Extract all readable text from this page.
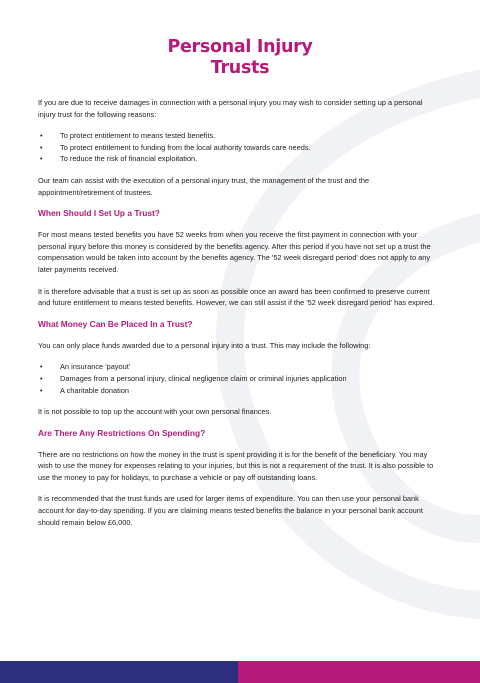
Personal Injury
Trusts

If you are due to receive damages in connection with a personal injury you may wish to consider setting up a personal injury trust for the following reasons:

• To protect entitlement to means tested benefits.
• To protect entitlement to funding from the local authority towards care needs.
• To reduce the risk of financial exploitation.

Our team can assist with the execution of a personal injury trust, the management of the trust and the appointment/retirement of trustees.

When Should I Set Up a Trust?

For most means tested benefits you have 52 weeks from when you receive the first payment in connection with your personal injury before this money is considered by the benefits agency. After this period if you have not set up a trust the compensation would be taken into account by the benefits agency. The '52 week disregard period' does not apply to any later payments received.

It is therefore advisable that a trust is set up as soon as possible once an award has been confirmed to preserve current and future entitlement to means tested benefits. However, we can still assist if the '52 week disregard period' has expired.

What Money Can Be Placed In a Trust?

You can only place funds awarded due to a personal injury into a trust. This may include the following:

• An insurance 'payout'
• Damages from a personal injury, clinical negligence claim or criminal injuries application
• A charitable donation

It is not possible to top up the account with your own personal finances.

Are There Any Restrictions On Spending?

There are no restrictions on how the money in the trust is spent providing it is for the benefit of the beneficiary. You may wish to use the money for expenses relating to your injuries, but this is not a requirement of the trust. It is also possible to use the money to pay for holidays, to purchase a vehicle or pay off outstanding loans.

It is recommended that the trust funds are used for larger items of expenditure. You can then use your personal bank account for day-to-day spending. If you are claiming means tested benefits the balance in your personal bank account should remain below £6,000.
